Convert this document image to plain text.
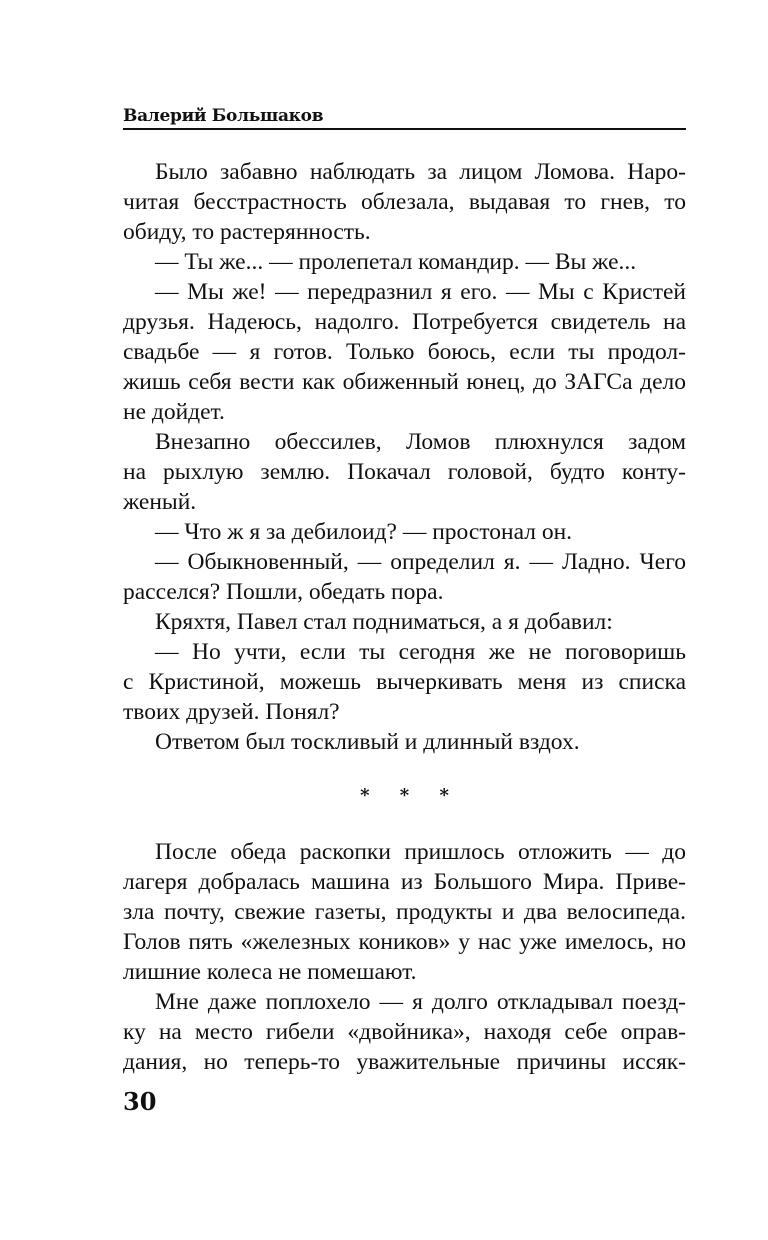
Валерий Большаков
Было забавно наблюдать за лицом Ломова. Наро-
читая бесстрастность облезала, выдавая то гнев, то
обиду, то растерянность.
— Ты же... — пролепетал командир. — Вы же...
— Мы же! — передразнил я его. — Мы с Кристей
друзья. Надеюсь, надолго. Потребуется свидетель на
свадьбе — я готов. Только боюсь, если ты продол-
жишь себя вести как обиженный юнец, до ЗАГСа дело
не дойдет.
Внезапно обессилев, Ломов плюхнулся задом
на рыхлую землю. Покачал головой, будто конту-
женый.
— Что ж я за дебилоид? — простонал он.
— Обыкновенный, — определил я. — Ладно. Чего
расселся? Пошли, обедать пора.
Кряхтя, Павел стал подниматься, а я добавил:
— Но учти, если ты сегодня же не поговоришь
с Кристиной, можешь вычеркивать меня из списка
твоих друзей. Понял?
Ответом был тоскливый и длинный вздох.
* * *
После обеда раскопки пришлось отложить — до
лагеря добралась машина из Большого Мира. Приве-
зла почту, свежие газеты, продукты и два велосипеда.
Голов пять «железных коников» у нас уже имелось, но
лишние колеса не помешают.
Мне даже поплохело — я долго откладывал поезд-
ку на место гибели «двойника», находя себе оправ-
дания, но теперь-то уважительные причины иссяк-
30
